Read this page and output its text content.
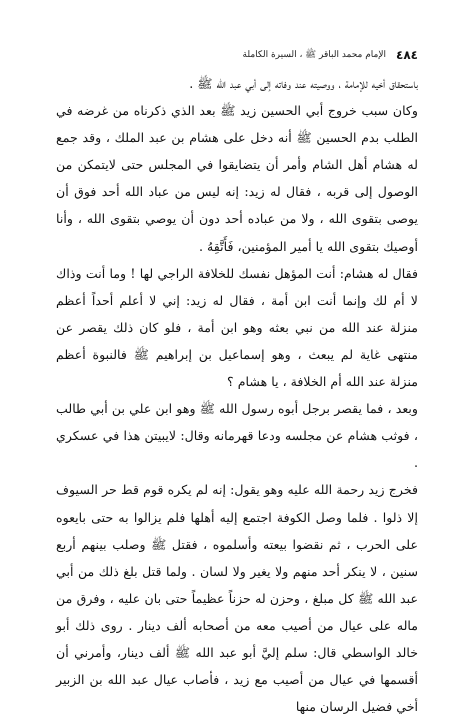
٤٨٤
الإمام محمد الباقر ﷺ ، السيرة الكاملة

باستحقاق أخيه للإمامة ، ووصيته عند وفاته إلى أبي عبد الله ﷺ .

وكان سبب خروج أبي الحسين زيد ﷺ بعد الذي ذكرناه من غرضه في الطلب بدم الحسين ﷺ أنه دخل على هشام بن عبد الملك ، وقد جمع له هشام أهل الشام وأمر أن يتضايقوا في المجلس حتى لايتمكن من الوصول إلى قربه ، فقال له زيد: إنه ليس من عباد الله أحد فوق أن يوصى بتقوى الله ، ولا من عباده أحد دون أن يوصي بتقوى الله ، وأنا أوصيك بتقوى الله يا أمير المؤمنين، فَأَتَّقِهُ .

فقال له هشام: أنت المؤهل نفسك للخلافة الراجي لها ! وما أنت وذاك لا أم لك وإنما أنت ابن أمة ، فقال له زيد: إني لا أعلم أحداً أعظم منزلة عند الله من نبي بعثه وهو ابن أمة ، فلو كان ذلك يقصر عن منتهى غاية لم يبعث ، وهو إسماعيل بن إبراهيم ﷺ فالنبوة أعظم منزلة عند الله أم الخلافة ، يا هشام ؟

وبعد ، فما يقصر برجل أبوه رسول الله ﷺ وهو ابن علي بن أبي طالب ، فوثب هشام عن مجلسه ودعا قهرمانه وقال: لايبيتن هذا في عسكري .

فخرج زيد رحمة الله عليه وهو يقول: إنه لم يكره قوم قط حر السيوف إلا ذلوا . فلما وصل الكوفة اجتمع إليه أهلها فلم يزالوا به حتى بايعوه على الحرب ، ثم نقضوا بيعته وأسلموه ، فقتل ﷺ وصلب بينهم أربع سنين ، لا ينكر أحد منهم ولا يغير ولا لسان . ولما قتل بلغ ذلك من أبي عبد الله ﷺ كل مبلغ ، وحزن له حزناً عظيماً حتى بان عليه ، وفرق من ماله على عيال من أصيب معه من أصحابه ألف دينار . روى ذلك أبو خالد الواسطي قال: سلم إليَّ أبو عبد الله ﷺ ألف دينار، وأمرني أن أقسمها في عيال من أصيب مع زيد ، فأصاب عيال عبد الله بن الزبير أخي فضيل الرسان منها
